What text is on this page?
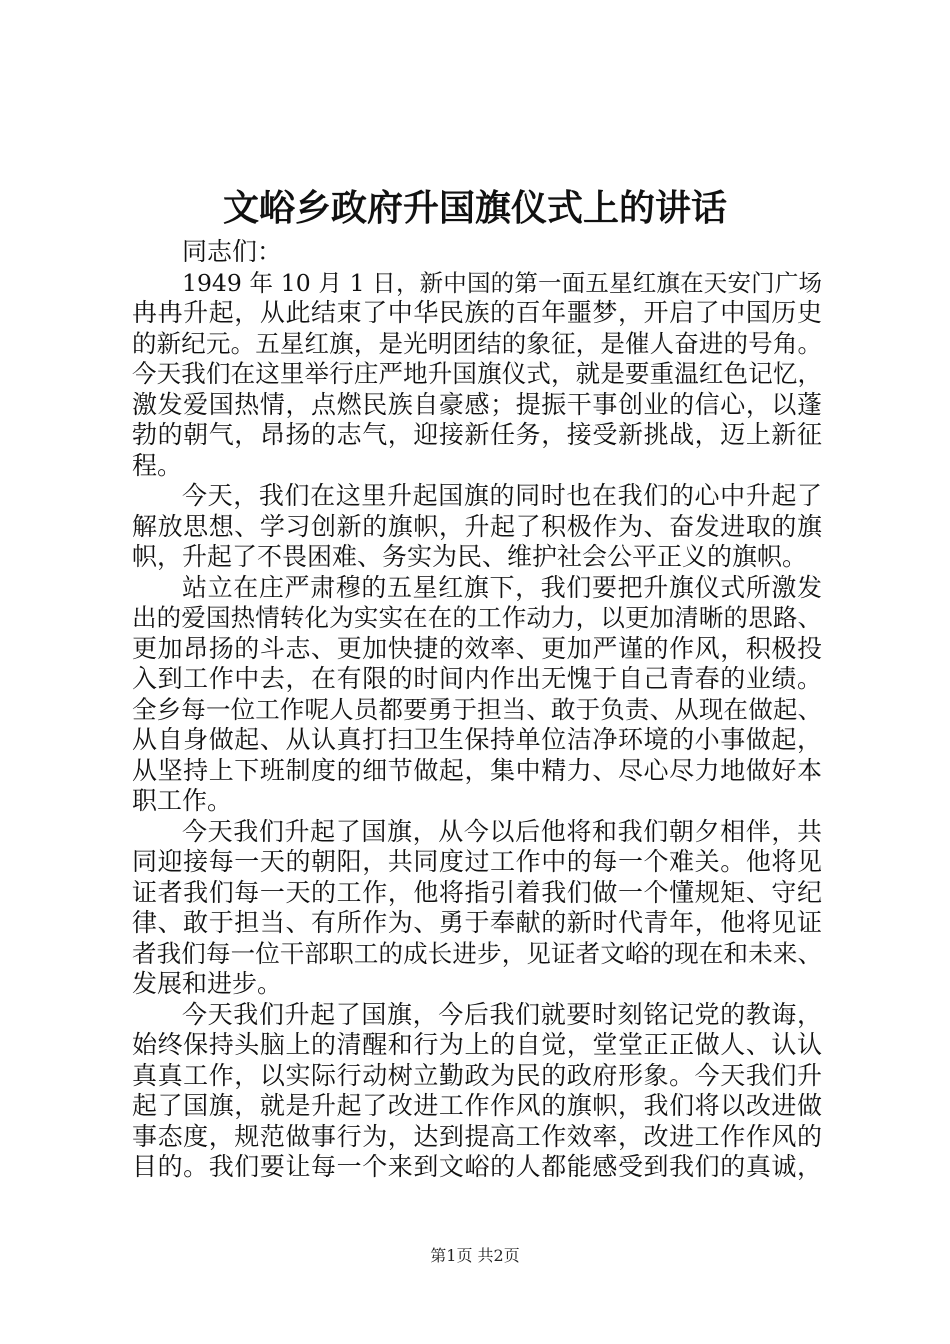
文峪乡政府升国旗仪式上的讲话
同志们：
1949 年 10 月 1 日，新中国的第一面五星红旗在天安门广场
冉冉升起，从此结束了中华民族的百年噩梦，开启了中国历史
的新纪元。五星红旗，是光明团结的象征，是催人奋进的号角。
今天我们在这里举行庄严地升国旗仪式，就是要重温红色记忆，
激发爱国热情，点燃民族自豪感；提振干事创业的信心，以蓬
勃的朝气，昂扬的志气，迎接新任务，接受新挑战，迈上新征
程。
今天，我们在这里升起国旗的同时也在我们的心中升起了
解放思想、学习创新的旗帜，升起了积极作为、奋发进取的旗
帜，升起了不畏困难、务实为民、维护社会公平正义的旗帜。
站立在庄严肃穆的五星红旗下，我们要把升旗仪式所激发
出的爱国热情转化为实实在在的工作动力，以更加清晰的思路、
更加昂扬的斗志、更加快捷的效率、更加严谨的作风，积极投
入到工作中去，在有限的时间内作出无愧于自己青春的业绩。
全乡每一位工作呢人员都要勇于担当、敢于负责、从现在做起、
从自身做起、从认真打扫卫生保持单位洁净环境的小事做起，
从坚持上下班制度的细节做起，集中精力、尽心尽力地做好本
职工作。
今天我们升起了国旗，从今以后他将和我们朝夕相伴，共
同迎接每一天的朝阳，共同度过工作中的每一个难关。他将见
证者我们每一天的工作，他将指引着我们做一个懂规矩、守纪
律、敢于担当、有所作为、勇于奉献的新时代青年，他将见证
者我们每一位干部职工的成长进步，见证者文峪的现在和未来、
发展和进步。
今天我们升起了国旗，今后我们就要时刻铭记党的教诲，
始终保持头脑上的清醒和行为上的自觉，堂堂正正做人、认认
真真工作，以实际行动树立勤政为民的政府形象。今天我们升
起了国旗，就是升起了改进工作作风的旗帜，我们将以改进做
事态度，规范做事行为，达到提高工作效率，改进工作作风的
目的。我们要让每一个来到文峪的人都能感受到我们的真诚，
第1页 共2页
